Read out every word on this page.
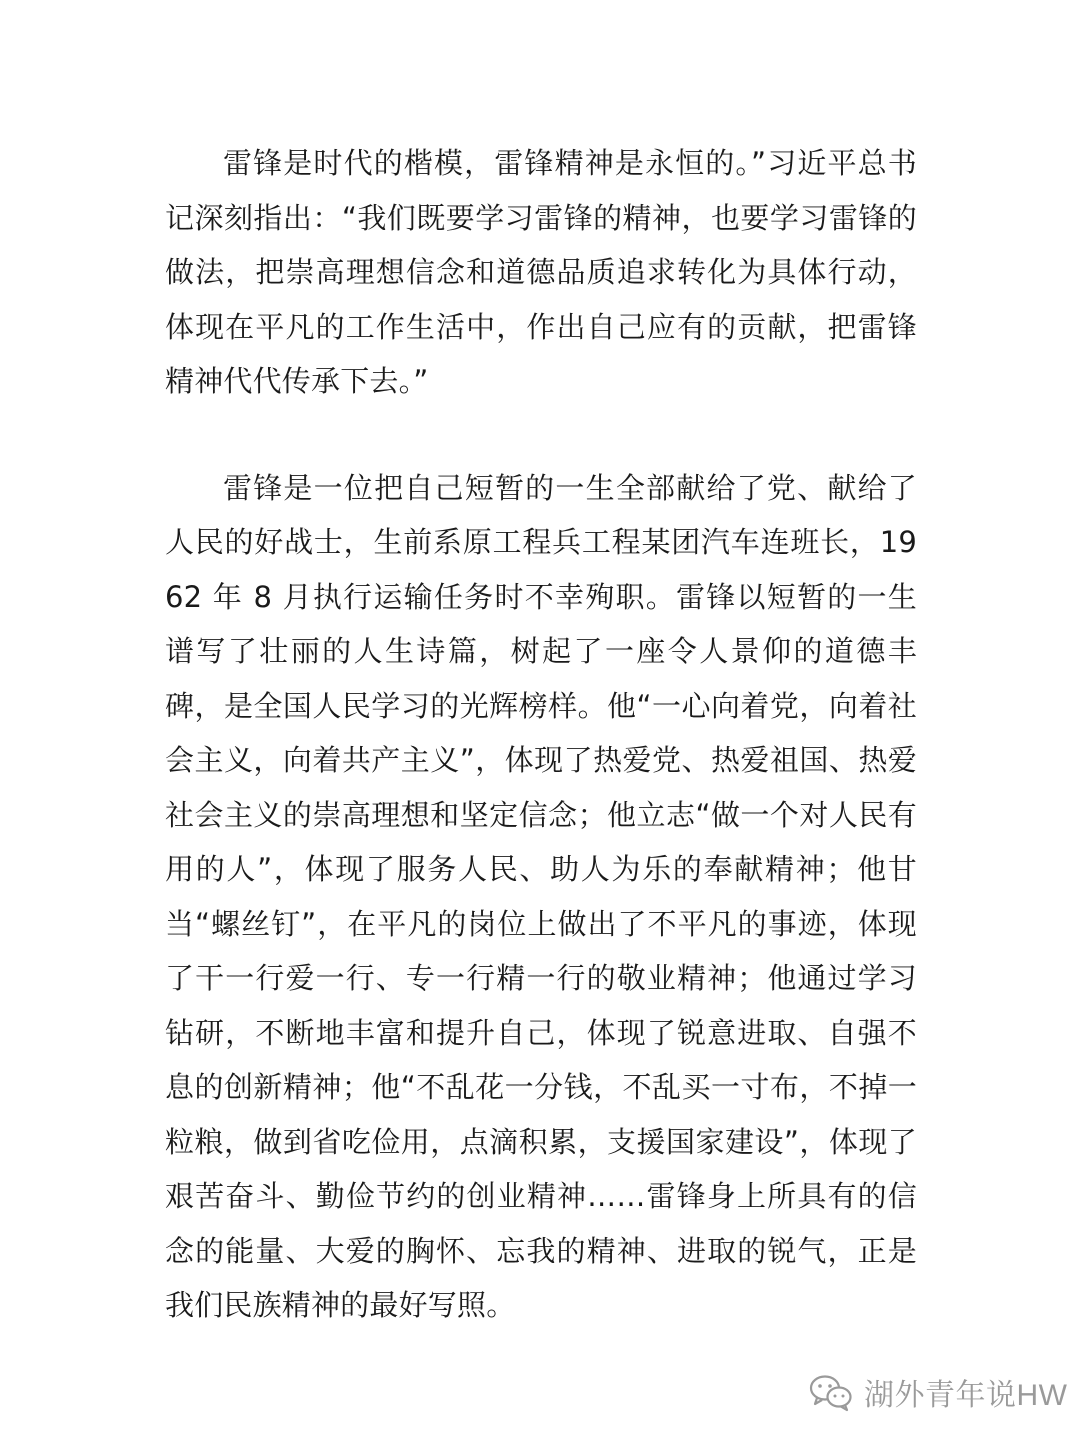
雷锋是时代的楷模，雷锋精神是永恒的。”习近平总书记深刻指出：“我们既要学习雷锋的精神，也要学习雷锋的做法，把崇高理想信念和道德品质追求转化为具体行动，体现在平凡的工作生活中，作出自己应有的贡献，把雷锋精神代代传承下去。”

雷锋是一位把自己短暂的一生全部献给了党、献给了人民的好战士，生前系原工程兵工程某团汽车连班长，1962 年 8 月执行运输任务时不幸殉职。雷锋以短暂的一生谱写了壮丽的人生诗篇，树起了一座令人景仰的道德丰碑，是全国人民学习的光辉榜样。他“一心向着党，向着社会主义，向着共产主义”，体现了热爱党、热爱祖国、热爱社会主义的崇高理想和坚定信念；他立志“做一个对人民有用的人”，体现了服务人民、助人为乐的奉献精神；他甘当“螺丝钉”，在平凡的岗位上做出了不平凡的事迹，体现了干一行爱一行、专一行精一行的敬业精神；他通过学习钻研，不断地丰富和提升自己，体现了锐意进取、自强不息的创新精神；他“不乱花一分钱，不乱买一寸布，不掉一粒粮，做到省吃俭用，点滴积累，支援国家建设”，体现了艰苦奋斗、勤俭节约的创业精神……雷锋身上所具有的信念的能量、大爱的胸怀、忘我的精神、进取的锐气，正是我们民族精神的最好写照。

湖外青年说HW
